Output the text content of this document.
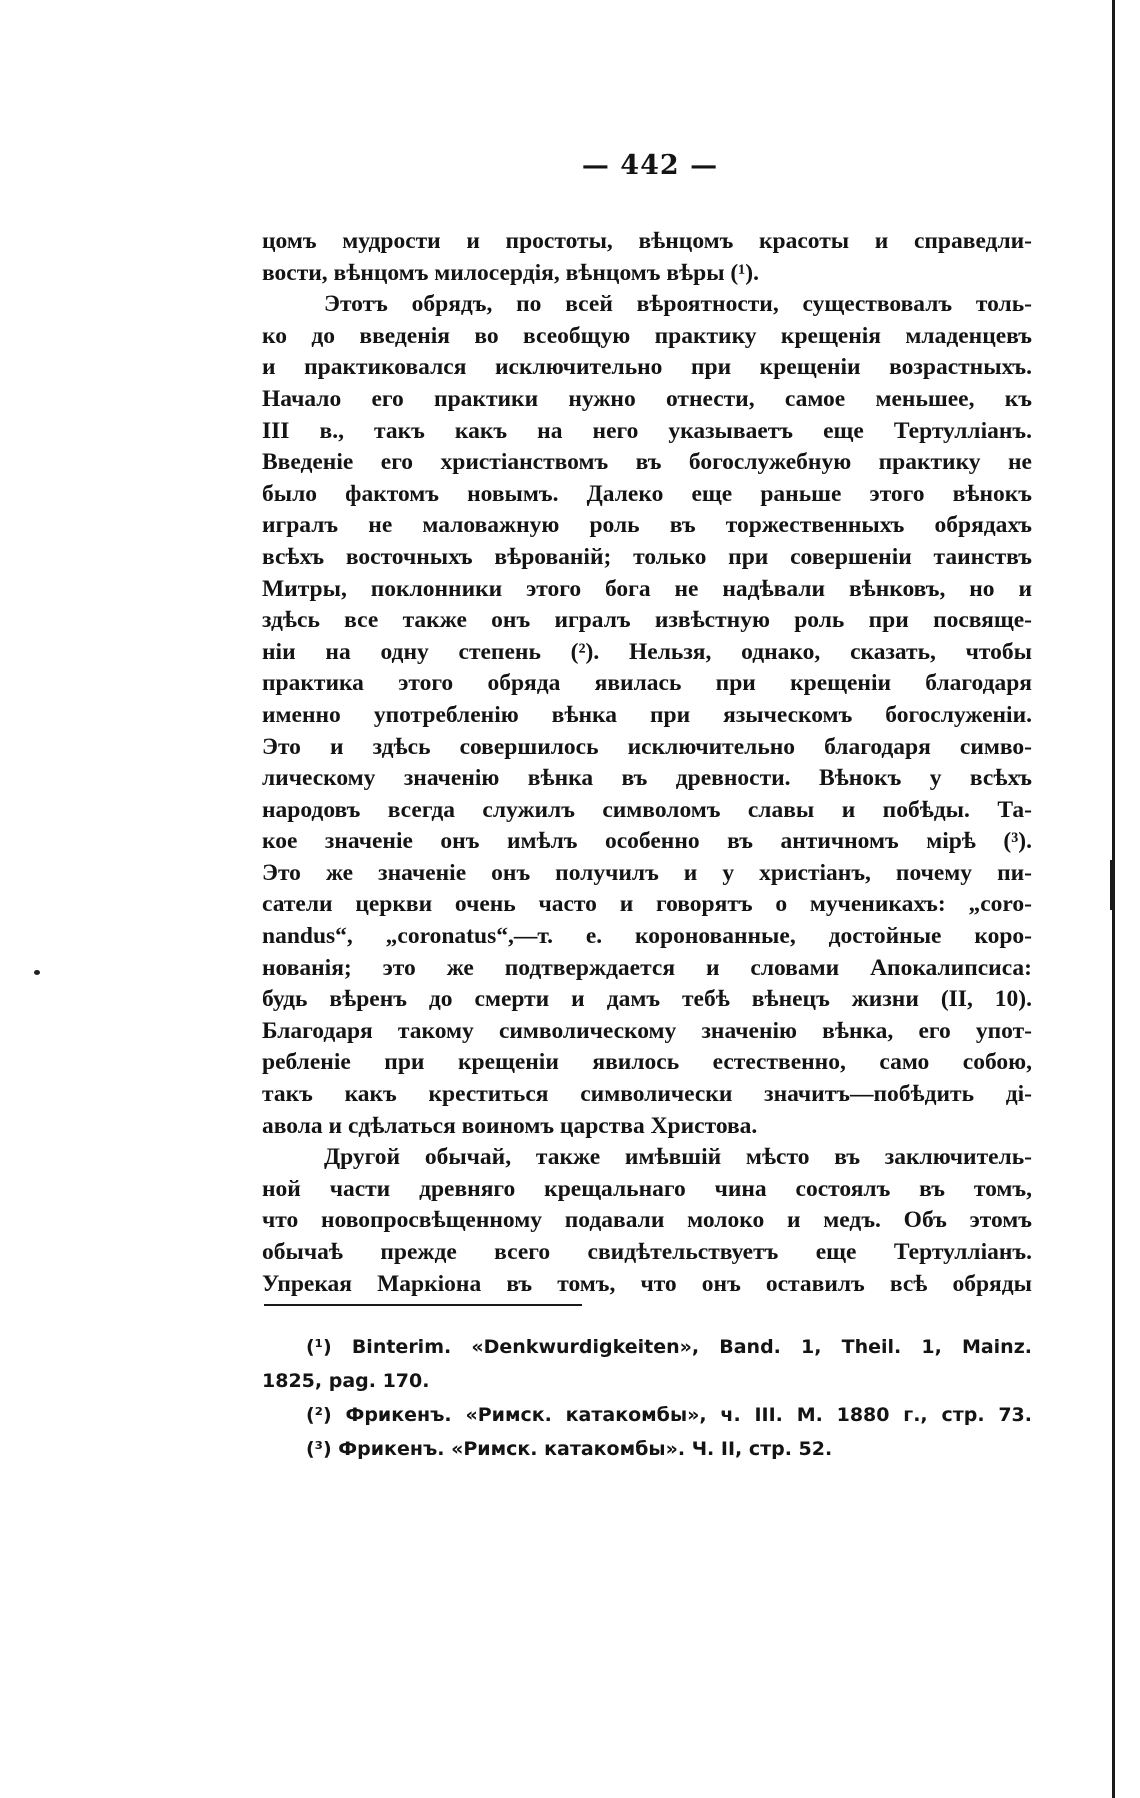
— 442 —
цомъ мудрости и простоты, вѣнцомъ красоты и справедли-
вости, вѣнцомъ милосердія, вѣнцомъ вѣры (¹).
Этотъ обрядъ, по всей вѣроятности, существовалъ толь-
ко до введенія во всеобщую практику крещенія младенцевъ
и практиковался исключительно при крещеніи возрастныхъ.
Начало его практики нужно отнести, самое меньшее, къ
III в., такъ какъ на него указываетъ еще Тертулліанъ.
Введеніе его христіанствомъ въ богослужебную практику не
было фактомъ новымъ. Далеко еще раньше этого вѣнокъ
игралъ не маловажную роль въ торжественныхъ обрядахъ
всѣхъ восточныхъ вѣрованій; только при совершеніи таинствъ
Митры, поклонники этого бога не надѣвали вѣнковъ, но и
здѣсь все также онъ игралъ извѣстную роль при посвяще-
ніи на одну степень (²). Нельзя, однако, сказать, чтобы
практика этого обряда явилась при крещеніи благодаря
именно употребленію вѣнка при языческомъ богослуженіи.
Это и здѣсь совершилось исключительно благодаря симво-
лическому значенію вѣнка въ древности. Вѣнокъ у всѣхъ
народовъ всегда служилъ символомъ славы и побѣды. Та-
кое значеніе онъ имѣлъ особенно въ античномъ мірѣ (³).
Это же значеніе онъ получилъ и у христіанъ, почему пи-
сатели церкви очень часто и говорятъ о мученикахъ: „coro-
nandus“, „coronatus“,—т. е. коронованные, достойные коро-
нованія; это же подтверждается и словами Апокалипсиса:
будь вѣренъ до смерти и дамъ тебѣ вѣнецъ жизни (II, 10).
Благодаря такому символическому значенію вѣнка, его упот-
ребленіе при крещеніи явилось естественно, само собою,
такъ какъ креститься символически значитъ—побѣдить ді-
авола и сдѣлаться воиномъ царства Христова.
Другой обычай, также имѣвшій мѣсто въ заключитель-
ной части древняго крещальнаго чина состоялъ въ томъ,
что новопросвѣщенному подавали молоко и медъ. Объ этомъ
обычаѣ прежде всего свидѣтельствуетъ еще Тертулліанъ.
Упрекая Маркіона въ томъ, что онъ оставилъ всѣ обряды
(¹) Binterim. «Denkwurdigkeiten», Band. 1, Theil. 1, Mainz.
1825, pag. 170.
(²) Фрикенъ. «Римск. катакомбы», ч. III. М. 1880 г., стр. 73.
(³) Фрикенъ. «Римск. катакомбы». Ч. II, стр. 52.
